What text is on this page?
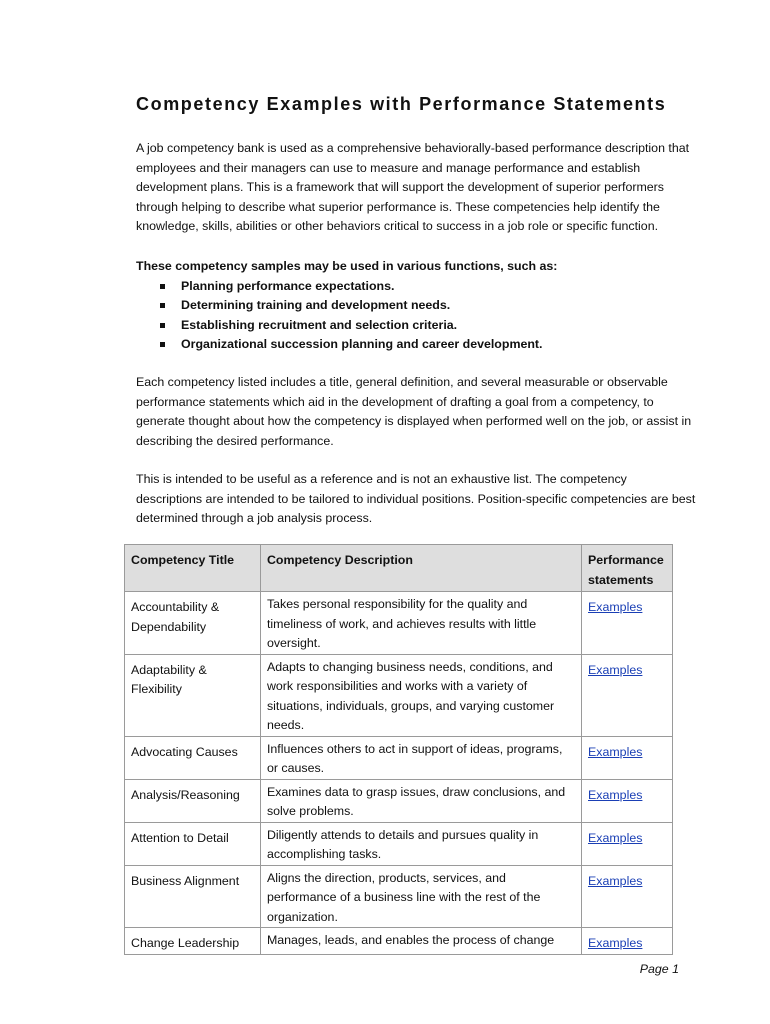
Competency Examples with Performance Statements

A job competency bank is used as a comprehensive behaviorally-based performance description that employees and their managers can use to measure and manage performance and establish development plans. This is a framework that will support the development of superior performers through helping to describe what superior performance is. These competencies help identify the knowledge, skills, abilities or other behaviors critical to success in a job role or specific function.

These competency samples may be used in various functions, such as:
Planning performance expectations.
Determining training and development needs.
Establishing recruitment and selection criteria.
Organizational succession planning and career development.

Each competency listed includes a title, general definition, and several measurable or observable performance statements which aid in the development of drafting a goal from a competency, to generate thought about how the competency is displayed when performed well on the job, or assist in describing the desired performance.

This is intended to be useful as a reference and is not an exhaustive list. The competency descriptions are intended to be tailored to individual positions. Position-specific competencies are best determined through a job analysis process.

Competency Title	Competency Description	Performance statements
Accountability & Dependability	Takes personal responsibility for the quality and timeliness of work, and achieves results with little oversight.	Examples
Adaptability & Flexibility	Adapts to changing business needs, conditions, and work responsibilities and works with a variety of situations, individuals, groups, and varying customer needs.	Examples
Advocating Causes	Influences others to act in support of ideas, programs, or causes.	Examples
Analysis/Reasoning	Examines data to grasp issues, draw conclusions, and solve problems.	Examples
Attention to Detail	Diligently attends to details and pursues quality in accomplishing tasks.	Examples
Business Alignment	Aligns the direction, products, services, and performance of a business line with the rest of the organization.	Examples
Change Leadership	Manages, leads, and enables the process of change	Examples
Page 1
